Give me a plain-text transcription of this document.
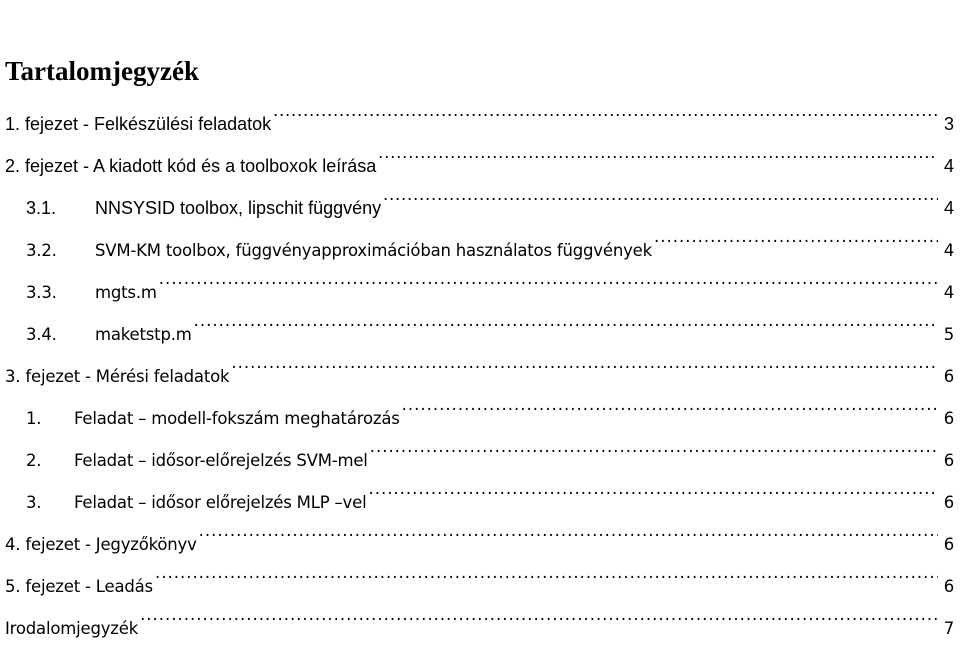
Tartalomjegyzék
1. fejezet - Felkészülési feladatok .....	3
2. fejezet - A kiadott kód és a toolboxok leírása .....	4
3.1.	NNSYSID toolbox, lipschit függvény .....	4
3.2.	SVM-KM toolbox, függvényapproximációban használatos függvények .....	4
3.3.	mgts.m .....	4
3.4.	maketstp.m .....	5
3. fejezet - Mérési feladatok .....	6
1.	Feladat – modell-fokszám meghatározás .....	6
2.	Feladat – idősor-előrejelzés SVM-mel .....	6
3.	Feladat – idősor előrejelzés MLP –vel .....	6
4. fejezet - Jegyzőkönyv .....	6
5. fejezet - Leadás .....	6
Irodalomjegyzék .....	7
